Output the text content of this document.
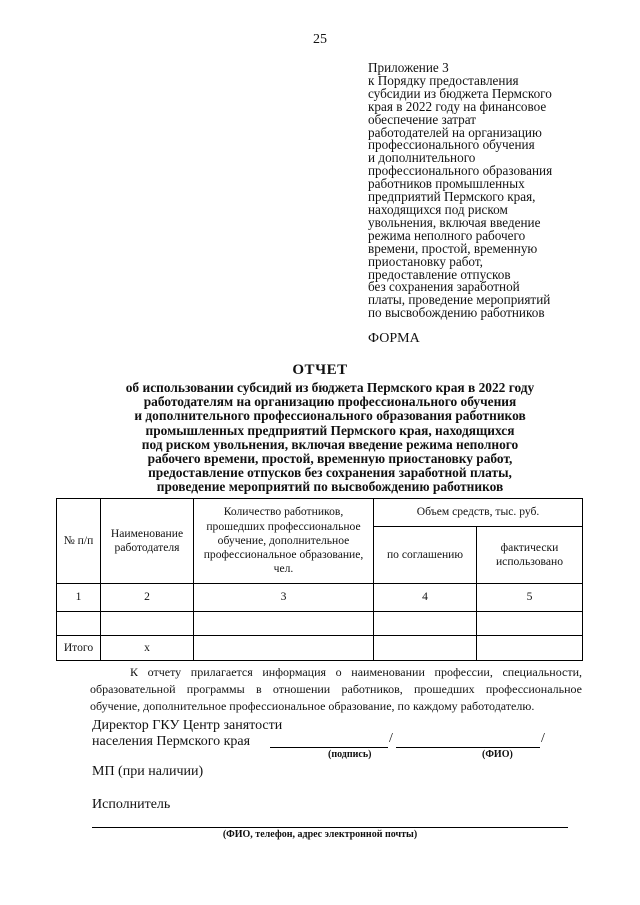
25
Приложение 3
к Порядку предоставления
субсидии из бюджета Пермского
края в 2022 году на финансовое
обеспечение затрат
работодателей на организацию
профессионального обучения
и дополнительного
профессионального образования
работников промышленных
предприятий Пермского края,
находящихся под риском
увольнения, включая введение
режима неполного рабочего
времени, простой, временную
приостановку работ,
предоставление отпусков
без сохранения заработной
платы, проведение мероприятий
по высвобождению работников
ФОРМА
ОТЧЕТ
об использовании субсидий из бюджета Пермского края в 2022 году
работодателям на организацию профессионального обучения
и дополнительного профессионального образования работников
промышленных предприятий Пермского края, находящихся
под риском увольнения, включая введение режима неполного
рабочего времени, простой, временную приостановку работ,
предоставление отпусков без сохранения заработной платы,
проведение мероприятий по высвобождению работников
№ п/п	Наименование работодателя	Количество работников, прошедших профессиональное обучение, дополнительное профессиональное образование, чел.	Объем средств, тыс. руб.	
			по соглашению	фактически использовано
1	2	3	4	5

Итого	x			
К отчету прилагается информация о наименовании профессии, специальности, образовательной программы в отношении работников, прошедших профессиональное обучение, дополнительное профессиональное образование, по каждому работодателю.
Директор ГКУ Центр занятости
населения Пермского края	/	/
(подпись)	(ФИО)
МП (при наличии)
Исполнитель
(ФИО, телефон, адрес электронной почты)
